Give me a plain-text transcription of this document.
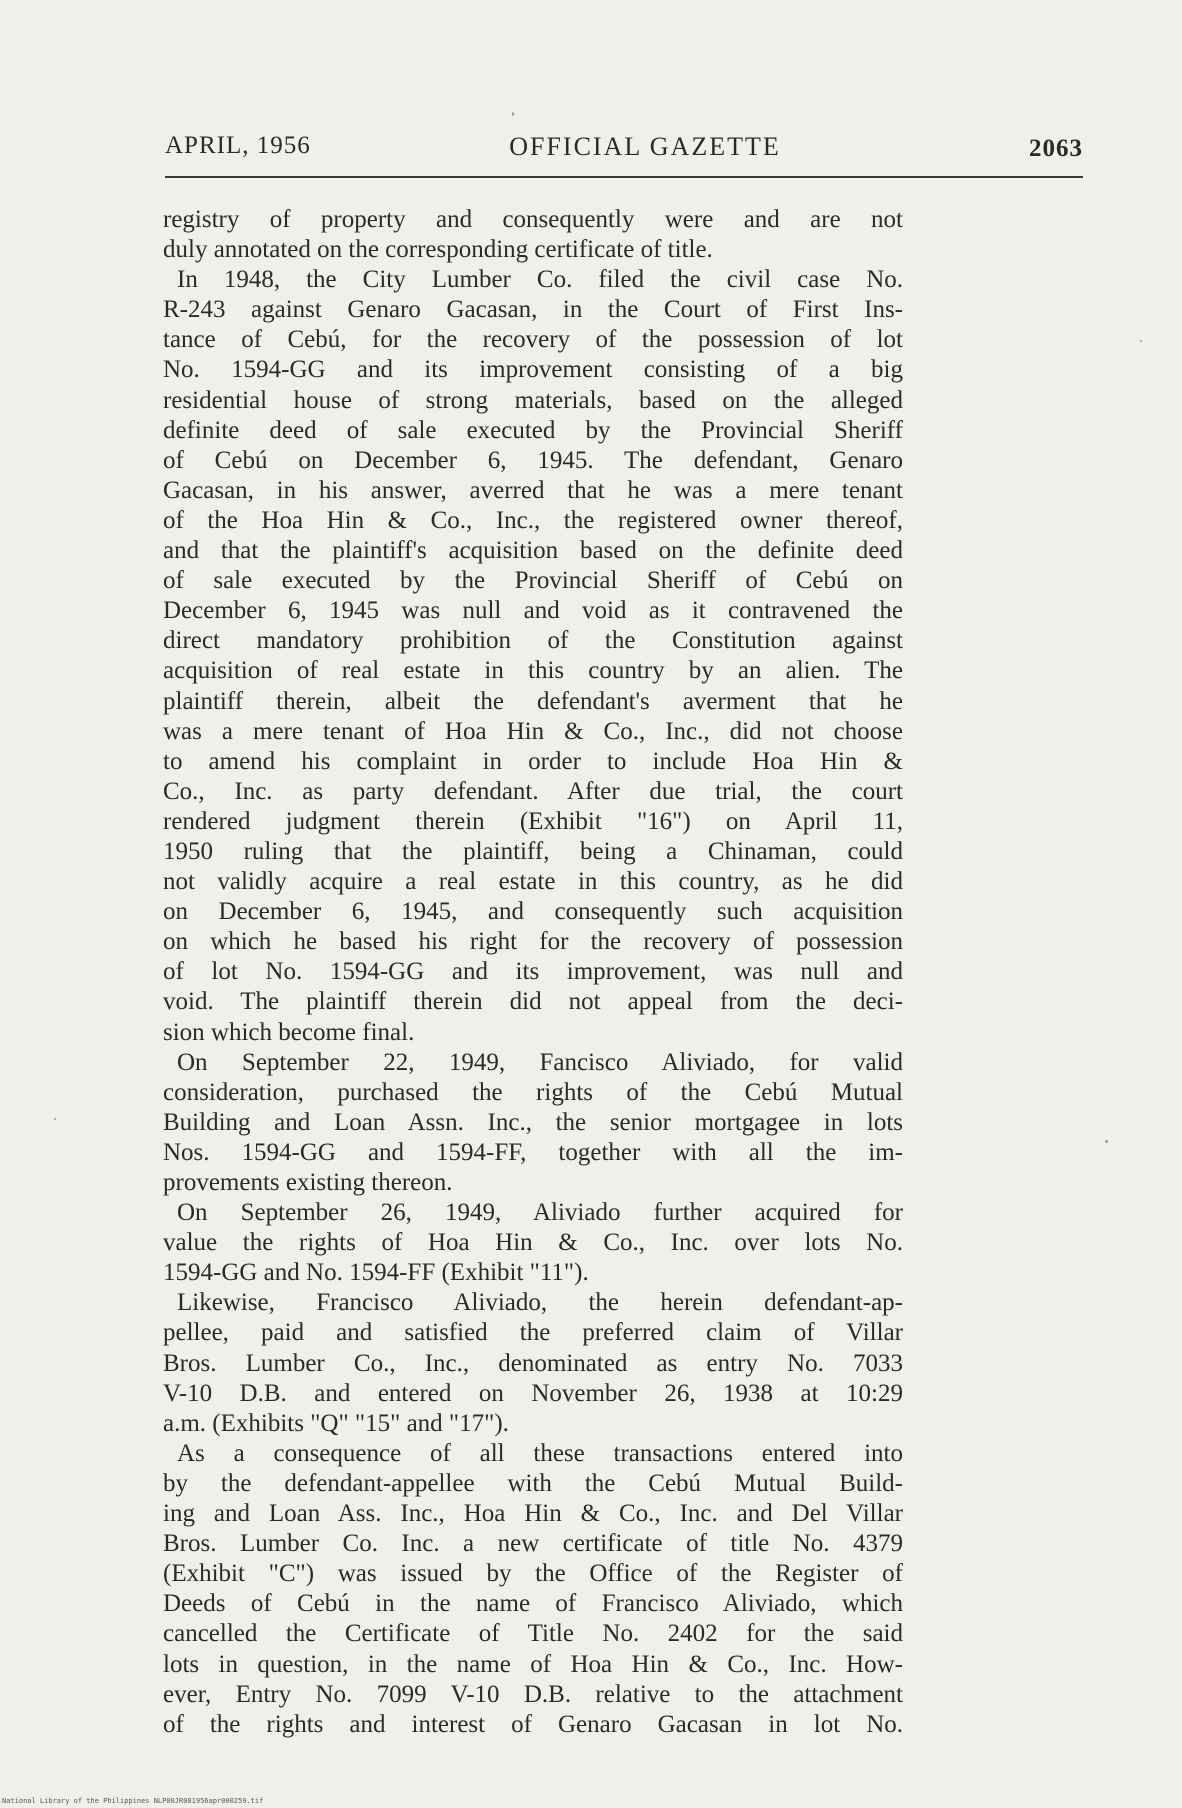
APRIL, 1956	OFFICIAL GAZETTE	2063
registry of property and consequently were and are not
duly annotated on the corresponding certificate of title.
In 1948, the City Lumber Co. filed the civil case No.
R-243 against Genaro Gacasan, in the Court of First Ins-
tance of Cebú, for the recovery of the possession of lot
No. 1594-GG and its improvement consisting of a big
residential house of strong materials, based on the alleged
definite deed of sale executed by the Provincial Sheriff
of Cebú on December 6, 1945. The defendant, Genaro
Gacasan, in his answer, averred that he was a mere tenant
of the Hoa Hin & Co., Inc., the registered owner thereof,
and that the plaintiff's acquisition based on the definite deed
of sale executed by the Provincial Sheriff of Cebú on
December 6, 1945 was null and void as it contravened the
direct mandatory prohibition of the Constitution against
acquisition of real estate in this country by an alien. The
plaintiff therein, albeit the defendant's averment that he
was a mere tenant of Hoa Hin & Co., Inc., did not choose
to amend his complaint in order to include Hoa Hin &
Co., Inc. as party defendant. After due trial, the court
rendered judgment therein (Exhibit "16") on April 11,
1950 ruling that the plaintiff, being a Chinaman, could
not validly acquire a real estate in this country, as he did
on December 6, 1945, and consequently such acquisition
on which he based his right for the recovery of possession
of lot No. 1594-GG and its improvement, was null and
void. The plaintiff therein did not appeal from the deci-
sion which become final.
On September 22, 1949, Fancisco Aliviado, for valid
consideration, purchased the rights of the Cebú Mutual
Building and Loan Assn. Inc., the senior mortgagee in lots
Nos. 1594-GG and 1594-FF, together with all the im-
provements existing thereon.
On September 26, 1949, Aliviado further acquired for
value the rights of Hoa Hin & Co., Inc. over lots No.
1594-GG and No. 1594-FF (Exhibit "11").
Likewise, Francisco Aliviado, the herein defendant-ap-
pellee, paid and satisfied the preferred claim of Villar
Bros. Lumber Co., Inc., denominated as entry No. 7033
V-10 D.B. and entered on November 26, 1938 at 10:29
a.m. (Exhibits "Q" "15" and "17").
As a consequence of all these transactions entered into
by the defendant-appellee with the Cebú Mutual Build-
ing and Loan Ass. Inc., Hoa Hin & Co., Inc. and Del Villar
Bros. Lumber Co. Inc. a new certificate of title No. 4379
(Exhibit "C") was issued by the Office of the Register of
Deeds of Cebú in the name of Francisco Aliviado, which
cancelled the Certificate of Title No. 2402 for the said
lots in question, in the name of Hoa Hin & Co., Inc. How-
ever, Entry No. 7099 V-10 D.B. relative to the attachment
of the rights and interest of Genaro Gacasan in lot No.
National Library of the Philippines NLP00JR001956apr000259.tif
